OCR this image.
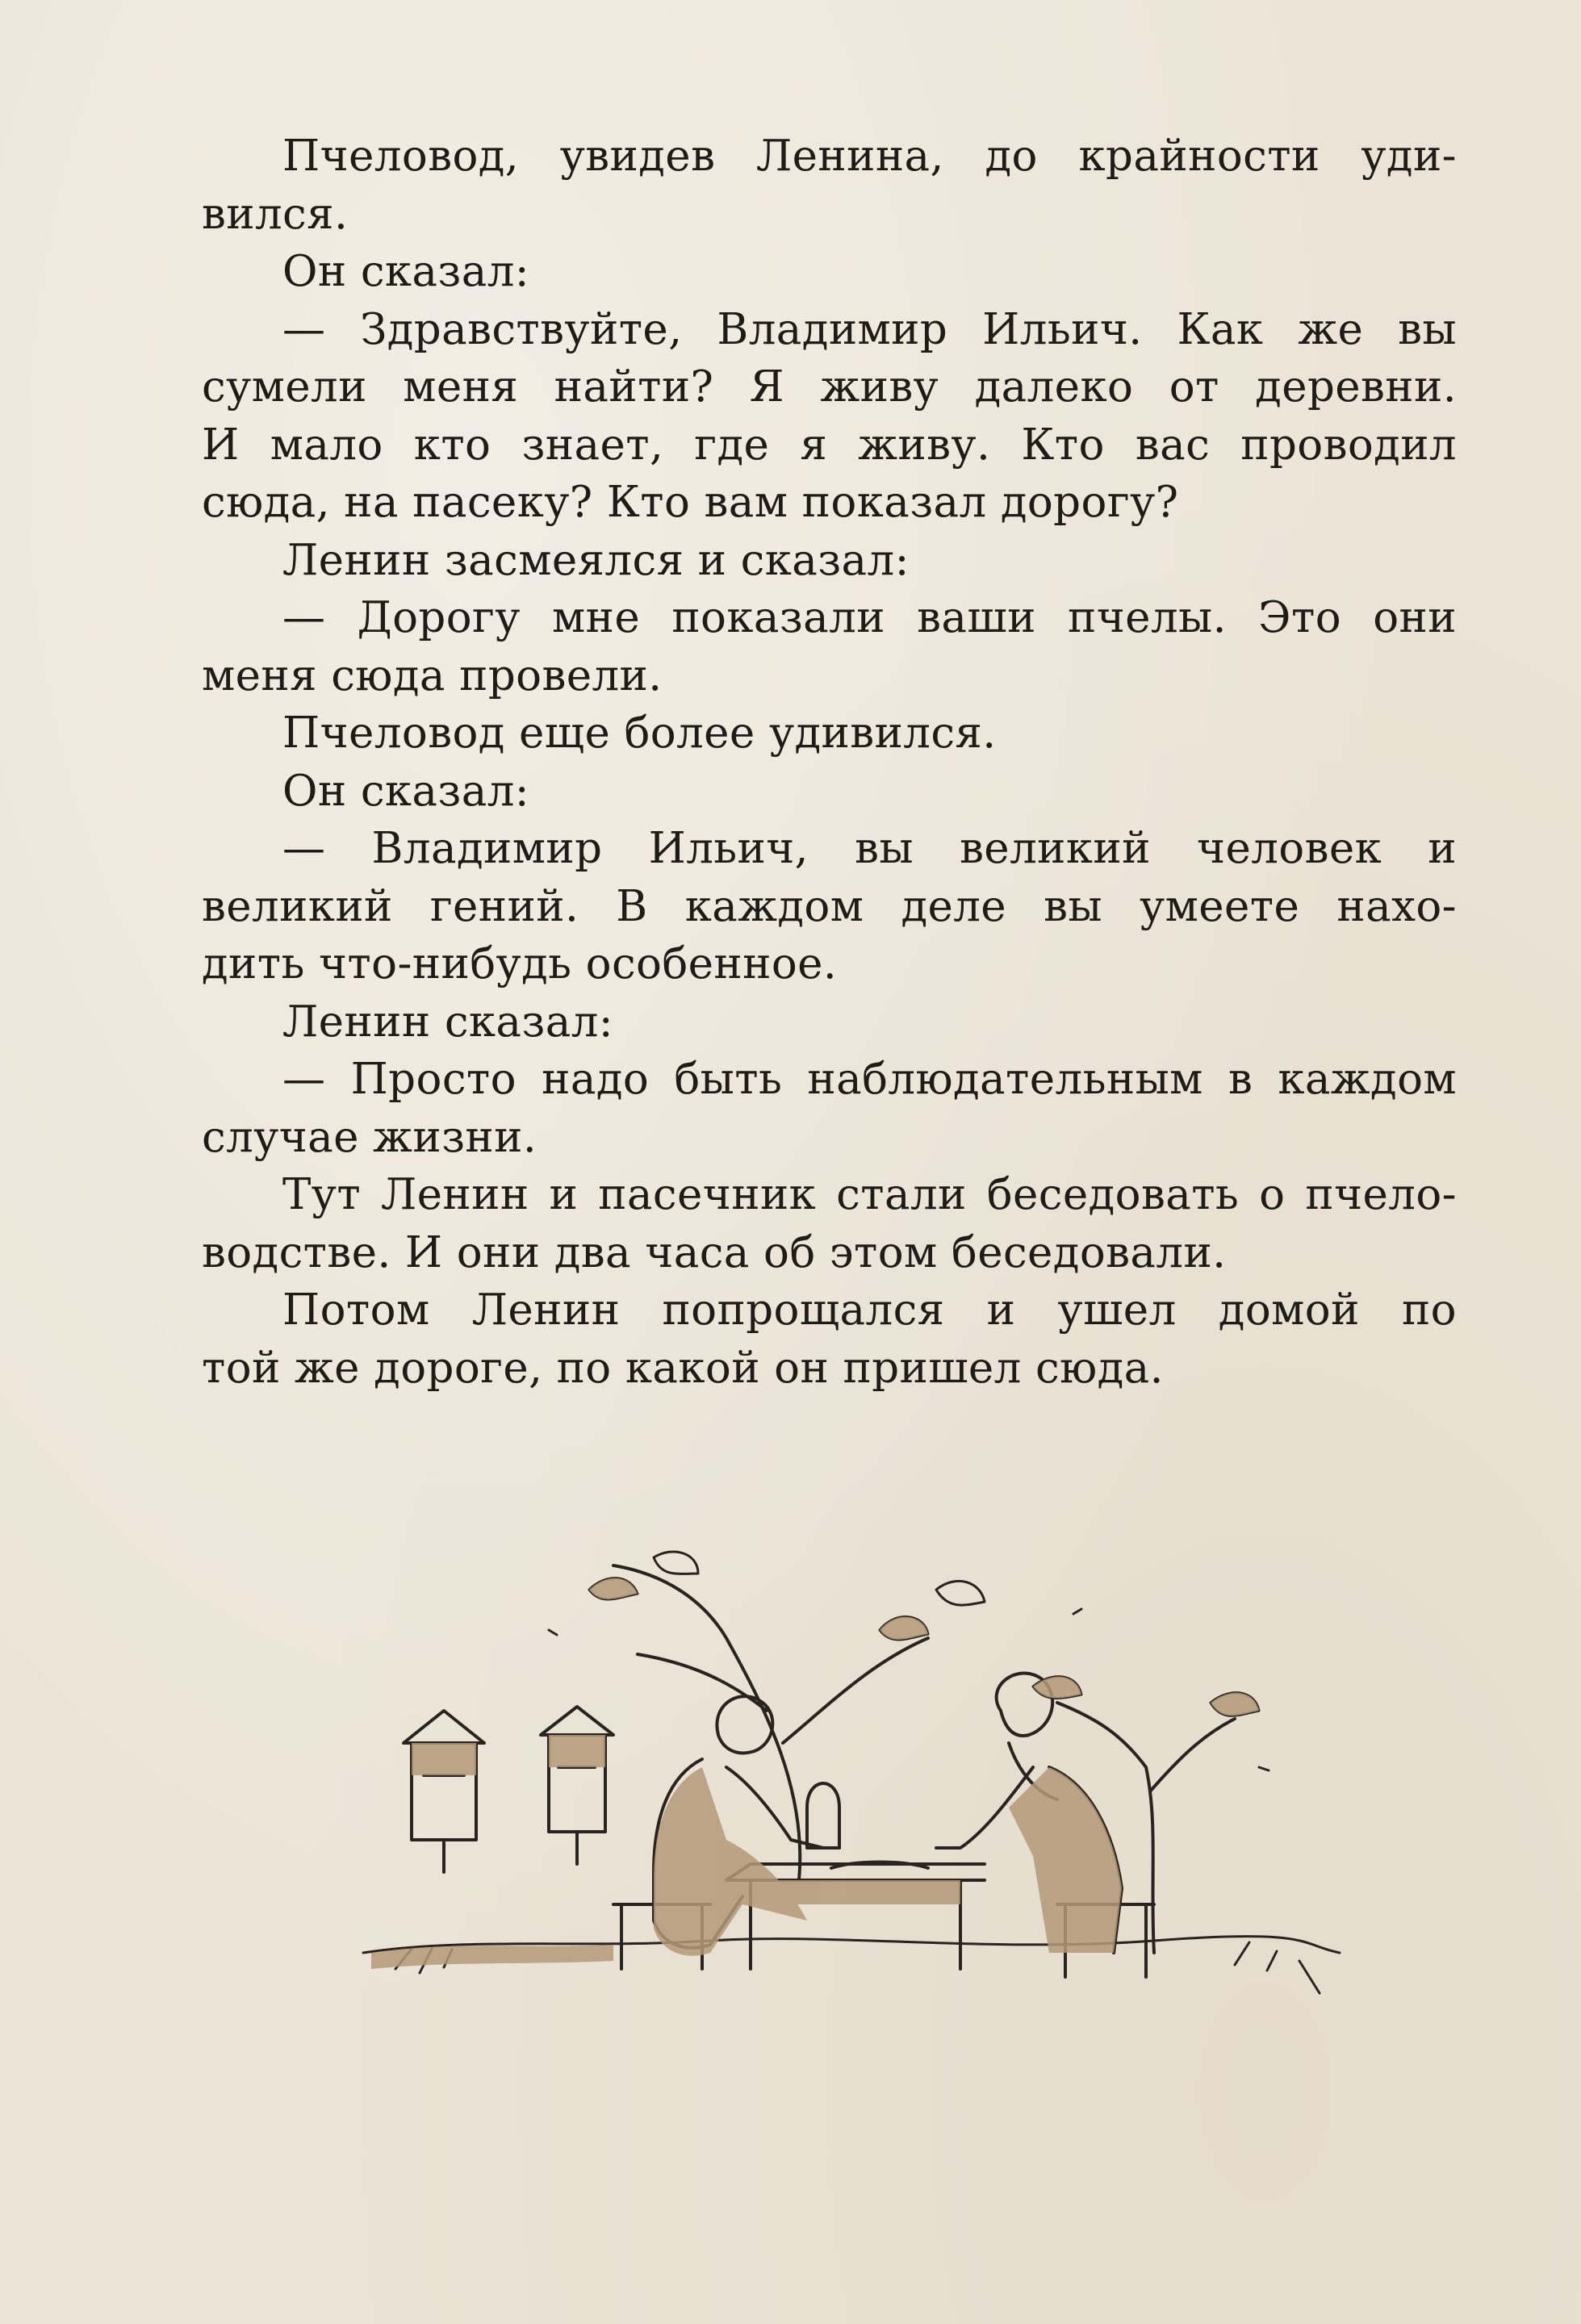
Пчеловод, увидев Ленина, до крайности уди-
вился.
Он сказал:
— Здравствуйте, Владимир Ильич. Как же вы
сумели меня найти? Я живу далеко от деревни.
И мало кто знает, где я живу. Кто вас проводил
сюда, на пасеку? Кто вам показал дорогу?
Ленин засмеялся и сказал:
— Дорогу мне показали ваши пчелы. Это они
меня сюда провели.
Пчеловод еще более удивился.
Он сказал:
— Владимир Ильич, вы великий человек и
великий гений. В каждом деле вы умеете нахо-
дить что-нибудь особенное.
Ленин сказал:
— Просто надо быть наблюдательным в каждом
случае жизни.
Тут Ленин и пасечник стали беседовать о пчело-
водстве. И они два часа об этом беседовали.
Потом Ленин попрощался и ушел домой по
той же дороге, по какой он пришел сюда.
